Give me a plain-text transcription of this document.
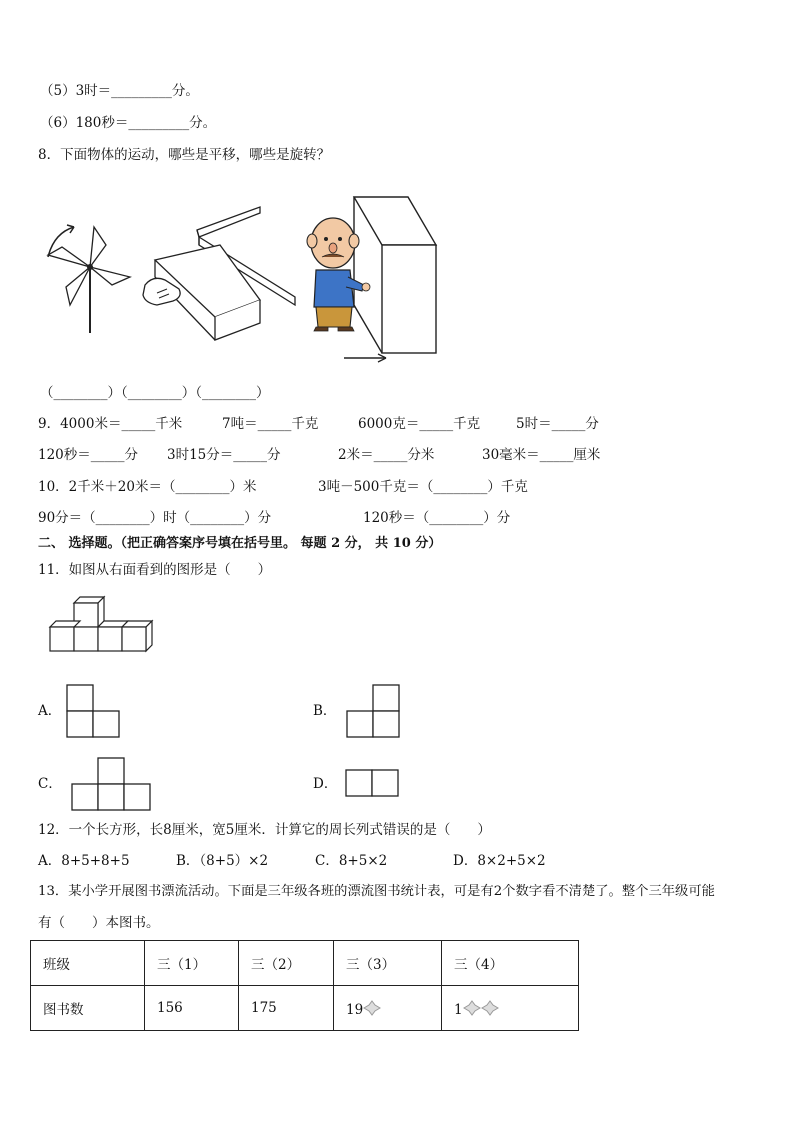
（5）3时＝_________分。
（6）180秒＝_________分。
8．下面物体的运动，哪些是平移，哪些是旋转？
（________）（________）（________）
9．4000米＝_____千米	7吨＝_____千克	6000克＝_____千克	5时＝_____分
120秒＝_____分 3时15分＝_____分	2米＝_____分米	30毫米＝_____厘米
10．2千米＋20米＝（________）米	3吨－500千克＝（________）千克
90分＝（________）时（________）分	120秒＝（________）分
二、 选择题。（把正确答案序号填在括号里。 每题 2 分， 共 10 分）
11．如图从右面看到的图形是（　　）
A．	B．
C．	D．
12．一个长方形，长8厘米，宽5厘米．计算它的周长列式错误的是（　　）
A．8+5+8+5	B．（8+5）×2	C．8+5×2	D．8×2+5×2
13．某小学开展图书漂流活动。下面是三年级各班的漂流图书统计表，可是有2个数字看不清楚了。整个三年级可能
有（　　）本图书。
班级	三（1）	三（2）	三（3）	三（4）
图书数	156	175	19	1
